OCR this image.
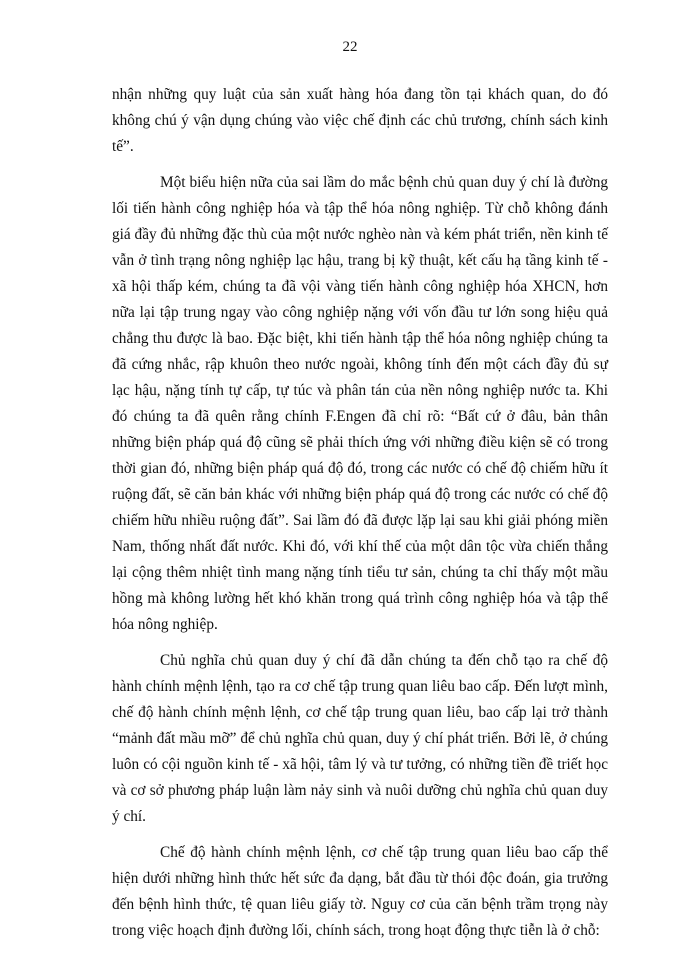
22

nhận những quy luật của sản xuất hàng hóa đang tồn tại khách quan, do đó không chú ý vận dụng chúng vào việc chế định các chủ trương, chính sách kinh tế”.

Một biểu hiện nữa của sai lầm do mắc bệnh chủ quan duy ý chí là đường lối tiến hành công nghiệp hóa và tập thể hóa nông nghiệp. Từ chỗ không đánh giá đầy đủ những đặc thù của một nước nghèo nàn và kém phát triển, nền kinh tế vẫn ở tình trạng nông nghiệp lạc hậu, trang bị kỹ thuật, kết cấu hạ tầng kinh tế - xã hội thấp kém, chúng ta đã vội vàng tiến hành công nghiệp hóa XHCN, hơn nữa lại tập trung ngay vào công nghiệp nặng với vốn đầu tư lớn song hiệu quả chẳng thu được là bao. Đặc biệt, khi tiến hành tập thể hóa nông nghiệp chúng ta đã cứng nhắc, rập khuôn theo nước ngoài, không tính đến một cách đầy đủ sự lạc hậu, nặng tính tự cấp, tự túc và phân tán của nền nông nghiệp nước ta. Khi đó chúng ta đã quên rằng chính F.Engen đã chỉ rõ: “Bất cứ ở đâu, bản thân những biện pháp quá độ cũng sẽ phải thích ứng với những điều kiện sẽ có trong thời gian đó, những biện pháp quá độ đó, trong các nước có chế độ chiếm hữu ít ruộng đất, sẽ căn bản khác với những biện pháp quá độ trong các nước có chế độ chiếm hữu nhiều ruộng đất”. Sai lầm đó đã được lặp lại sau khi giải phóng miền Nam, thống nhất đất nước. Khi đó, với khí thế của một dân tộc vừa chiến thắng lại cộng thêm nhiệt tình mang nặng tính tiểu tư sản, chúng ta chỉ thấy một mầu hồng mà không lường hết khó khăn trong quá trình công nghiệp hóa và tập thể hóa nông nghiệp.

Chủ nghĩa chủ quan duy ý chí đã dẫn chúng ta đến chỗ tạo ra chế độ hành chính mệnh lệnh, tạo ra cơ chế tập trung quan liêu bao cấp. Đến lượt mình, chế độ hành chính mệnh lệnh, cơ chế tập trung quan liêu, bao cấp lại trở thành “mảnh đất mầu mỡ” để chủ nghĩa chủ quan, duy ý chí phát triển. Bởi lẽ, ở chúng luôn có cội nguồn kinh tế - xã hội, tâm lý và tư tưởng, có những tiền đề triết học và cơ sở phương pháp luận làm nảy sinh và nuôi dưỡng chủ nghĩa chủ quan duy ý chí.

Chế độ hành chính mệnh lệnh, cơ chế tập trung quan liêu bao cấp thể hiện dưới những hình thức hết sức đa dạng, bắt đầu từ thói độc đoán, gia trưởng đến bệnh hình thức, tệ quan liêu giấy tờ. Nguy cơ của căn bệnh trầm trọng này trong việc hoạch định đường lối, chính sách, trong hoạt động thực tiễn là ở chỗ:
